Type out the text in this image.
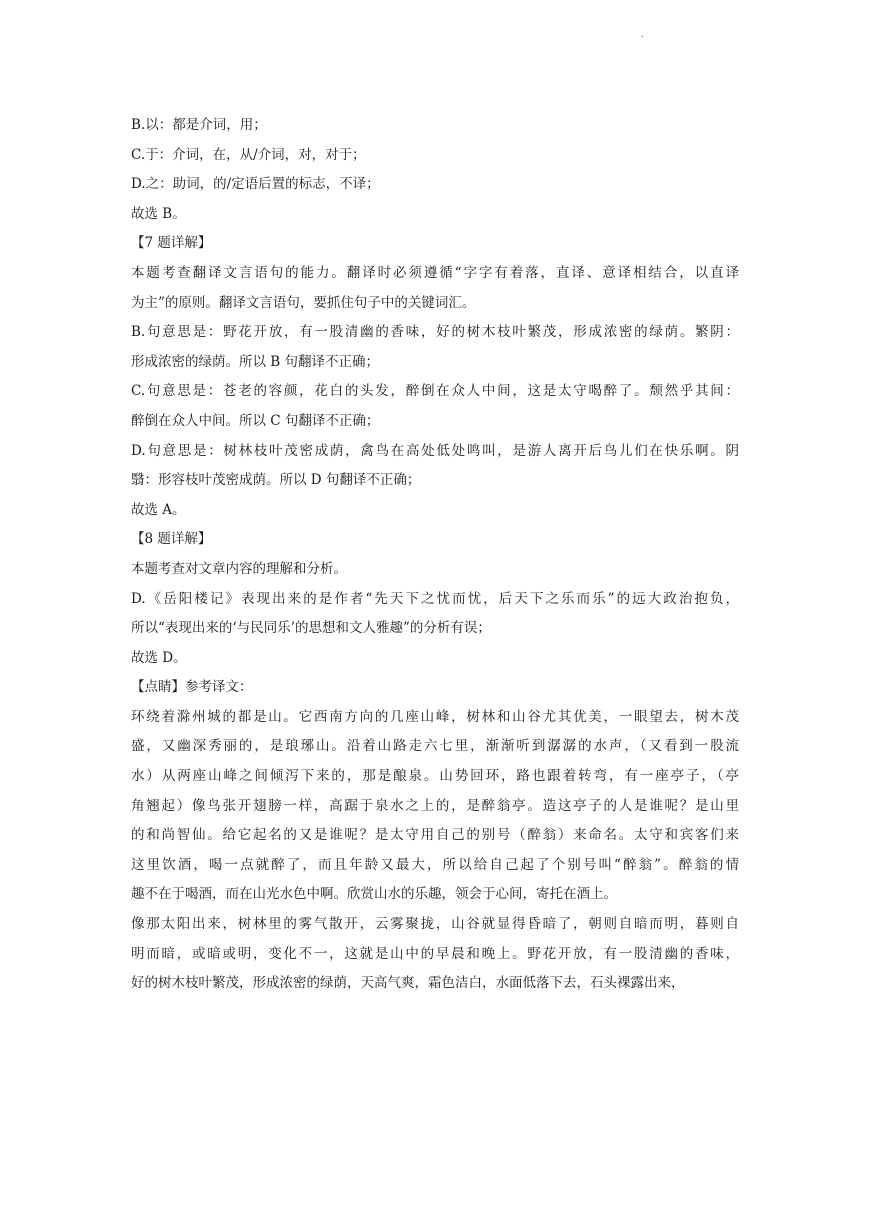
.
B.以：都是介词，用；
C.于：介词，在，从/介词，对，对于；
D.之：助词，的/定语后置的标志，不译；
故选 B。
【7 题详解】
本题考查翻译文言语句的能力。翻译时必须遵循“字字有着落，直译、意译相结合，以直译
为主”的原则。翻译文言语句，要抓住句子中的关键词汇。
B.句意思是：野花开放，有一股清幽的香味，好的树木枝叶繁茂，形成浓密的绿荫。繁阴：
形成浓密的绿荫。所以 B 句翻译不正确；
C.句意思是：苍老的容颜，花白的头发，醉倒在众人中间，这是太守喝醉了。颓然乎其间：
醉倒在众人中间。所以 C 句翻译不正确；
D.句意思是：树林枝叶茂密成荫，禽鸟在高处低处鸣叫，是游人离开后鸟儿们在快乐啊。阴
翳：形容枝叶茂密成荫。所以 D 句翻译不正确；
故选 A。
【8 题详解】
本题考查对文章内容的理解和分析。
D.《岳阳楼记》表现出来的是作者“先天下之忧而忧，后天下之乐而乐”的远大政治抱负，
所以“表现出来的‘与民同乐’的思想和文人雅趣”的分析有误；
故选 D。
【点睛】参考译文：
环绕着滁州城的都是山。它西南方向的几座山峰，树林和山谷尤其优美，一眼望去，树木茂
盛，又幽深秀丽的，是琅琊山。沿着山路走六七里，渐渐听到潺潺的水声，（又看到一股流
水）从两座山峰之间倾泻下来的，那是酿泉。山势回环，路也跟着转弯，有一座亭子，（亭
角翘起）像鸟张开翅膀一样，高踞于泉水之上的，是醉翁亭。造这亭子的人是谁呢？是山里
的和尚智仙。给它起名的又是谁呢？是太守用自己的别号（醉翁）来命名。太守和宾客们来
这里饮酒，喝一点就醉了，而且年龄又最大，所以给自己起了个别号叫“醉翁”。醉翁的情
趣不在于喝酒，而在山光水色中啊。欣赏山水的乐趣，领会于心间，寄托在酒上。
像那太阳出来，树林里的雾气散开，云雾聚拢，山谷就显得昏暗了，朝则自暗而明，暮则自
明而暗，或暗或明，变化不一，这就是山中的早晨和晚上。野花开放，有一股清幽的香味，
好的树木枝叶繁茂，形成浓密的绿荫，天高气爽，霜色洁白，水面低落下去，石头裸露出来，
